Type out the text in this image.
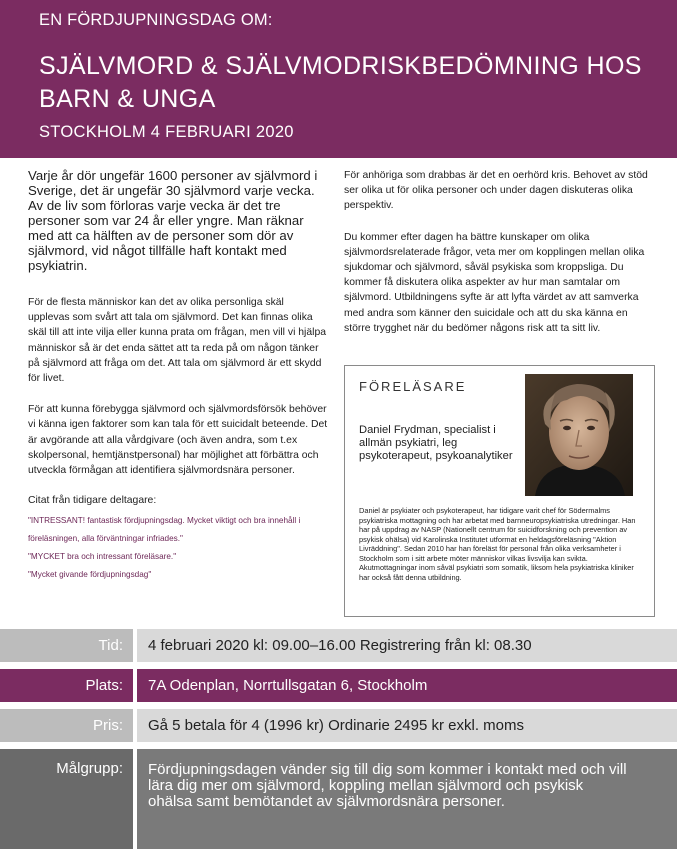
EN FÖRDJUPNINGSDAG OM:
SJÄLVMORD & SJÄLVMODRISKBEDÖMNING HOS BARN & UNGA
STOCKHOLM 4 FEBRUARI 2020

Varje år dör ungefär 1600 personer av självmord i Sverige, det är ungefär 30 självmord varje vecka. Av de liv som förloras varje vecka är det tre personer som var 24 år eller yngre. Man räknar med att ca hälften av de personer som dör av självmord, vid något tillfälle haft kontakt med psykiatrin.

För de flesta människor kan det av olika personliga skäl upplevas som svårt att tala om självmord. Det kan finnas olika skäl till att inte vilja eller kunna prata om frågan, men vill vi hjälpa människor så är det enda sättet att ta reda på om någon tänker på självmord att fråga om det. Att tala om självmord är ett skydd för livet.

För att kunna förebygga självmord och självmordsförsök behöver vi känna igen faktorer som kan tala för ett suicidalt beteende. Det är avgörande att alla vårdgivare (och även andra, som t.ex skolpersonal, hemtjänstpersonal) har möjlighet att förbättra och utveckla förmågan att identifiera självmordsnära personer.

Citat från tidigare deltagare:

"INTRESSANT! fantastisk fördjupningsdag. Mycket viktigt och bra innehåll i föreläsningen, alla förväntningar infriades."

"MYCKET bra och intressant föreläsare."

"Mycket givande fördjupningsdag"

För anhöriga som drabbas är det en oerhörd kris. Behovet av stöd ser olika ut för olika personer och under dagen diskuteras olika perspektiv.

Du kommer efter dagen ha bättre kunskaper om olika självmordsrelaterade frågor, veta mer om kopplingen mellan olika sjukdomar och självmord, såväl psykiska som kroppsliga. Du kommer få diskutera olika aspekter av hur man samtalar om självmord. Utbildningens syfte är att lyfta värdet av att samverka med andra som känner den suicidale och att du ska känna en större trygghet när du bedömer någons risk att ta sitt liv.

FÖRELÄSARE
Daniel Frydman, specialist i allmän psykiatri, leg psykoterapeut, psykoanalytiker
Daniel är psykiater och psykoterapeut, har tidigare varit chef för Södermalms psykiatriska mottagning och har arbetat med barnneuropsykiatriska utredningar. Han har på uppdrag av NASP (Nationellt centrum för suicidforskning och prevention av psykisk ohälsa) vid Karolinska Institutet utformat en heldagsföreläsning "Aktion Livräddning". Sedan 2010 har han föreläst för personal från olika verksamheter i Stockholm som i sitt arbete möter människor vilkas livsvilja kan svikta. Akutmottagningar inom såväl psykiatri som somatik, liksom hela psykiatriska kliniker har också fått denna utbildning.
Tid:	4 februari 2020 kl: 09.00–16.00 Registrering från kl: 08.30
Plats:	7A Odenplan, Norrtullsgatan 6, Stockholm
Pris:	Gå 5 betala för 4 (1996 kr) Ordinarie 2495 kr exkl. moms
Målgrupp:	Fördjupningsdagen vänder sig till dig som kommer i kontakt med och vill lära dig mer om självmord, koppling mellan självmord och psykisk ohälsa samt bemötandet av självmordsnära personer.
